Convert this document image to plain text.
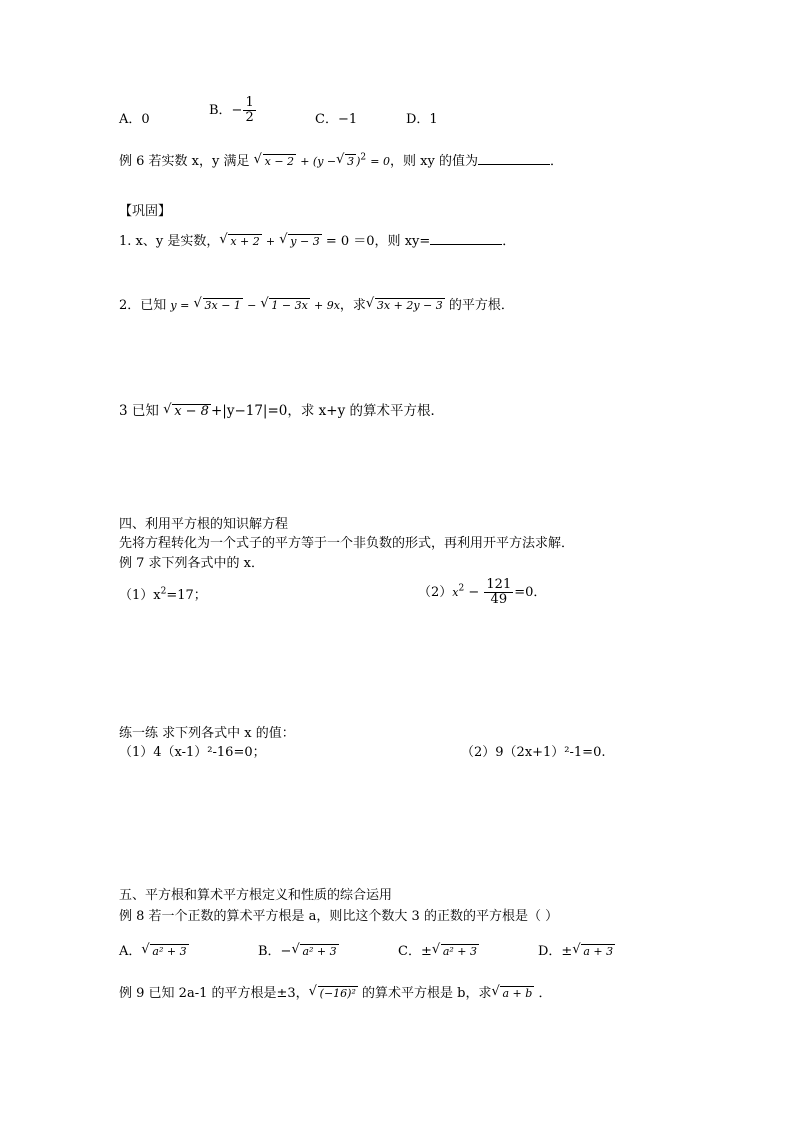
A．0
B．− $\frac{1}{2}$	C．−1	D．1
例 6 若实数 x，y 满足 √ x − 2 + (y − √ 3 )$^2$ = 0，则 xy 的值为	．
【巩固】
1. x、y 是实数， √ x + 2 + √ y − 3 = 0 ＝0，则 xy=	．
2．已知 y = √ 3x − 1 − √ 1 − 3x + 9x，求 √ 3x + 2y − 3 的平方根．
3 已知 √ x − 8 +|y−17|=0，求 x+y 的算术平方根．
四、利用平方根的知识解方程
先将方程转化为一个式子的平方等于一个非负数的形式，再利用开平方法求解．
例 7 求下列各式中的 x．
$(1)x^2=17$；	$(2)x^2 - \frac{121}{49} =0$．
练一练 求下列各式中 x 的值：
（1）4（x-1）²-16=0；	（2）9（2x+1）²-1=0.
五、平方根和算术平方根定义和性质的综合运用
例 8 若一个正数的算术平方根是 a，则比这个数大 3 的正数的平方根是（ ）
A． √ a² + 3	B．− √ a² + 3	C．± √ a² + 3	D．± √ a + 3
例 9 已知 2a-1 的平方根是±3， √ (−16)² 的算术平方根是 b，求 √ a + b ．
